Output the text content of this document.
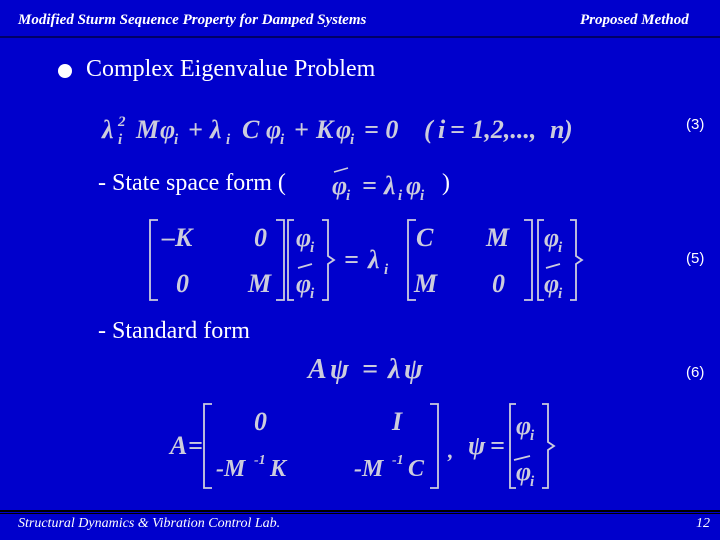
Modified Sturm Sequence Property for Damped Systems	Proposed Method
Complex Eigenvalue Problem
λ 2
i M φ
i + λ i C φ
i + K φ
i = 0 ( i = 1,2,..., n )	(3)
- State space form ( φ
i = λ i φ
i )
–K 0
0 M
φ
i
φ
i
= λ i
C M
M 0
φ
i
φ
i
(5)
- Standard form
A ψ = λ ψ	(6)
A =
0	I
-M -1 K	-M -1 C
, ψ =
φ
i
φ
i
Structural Dynamics & Vibration Control Lab.	12
